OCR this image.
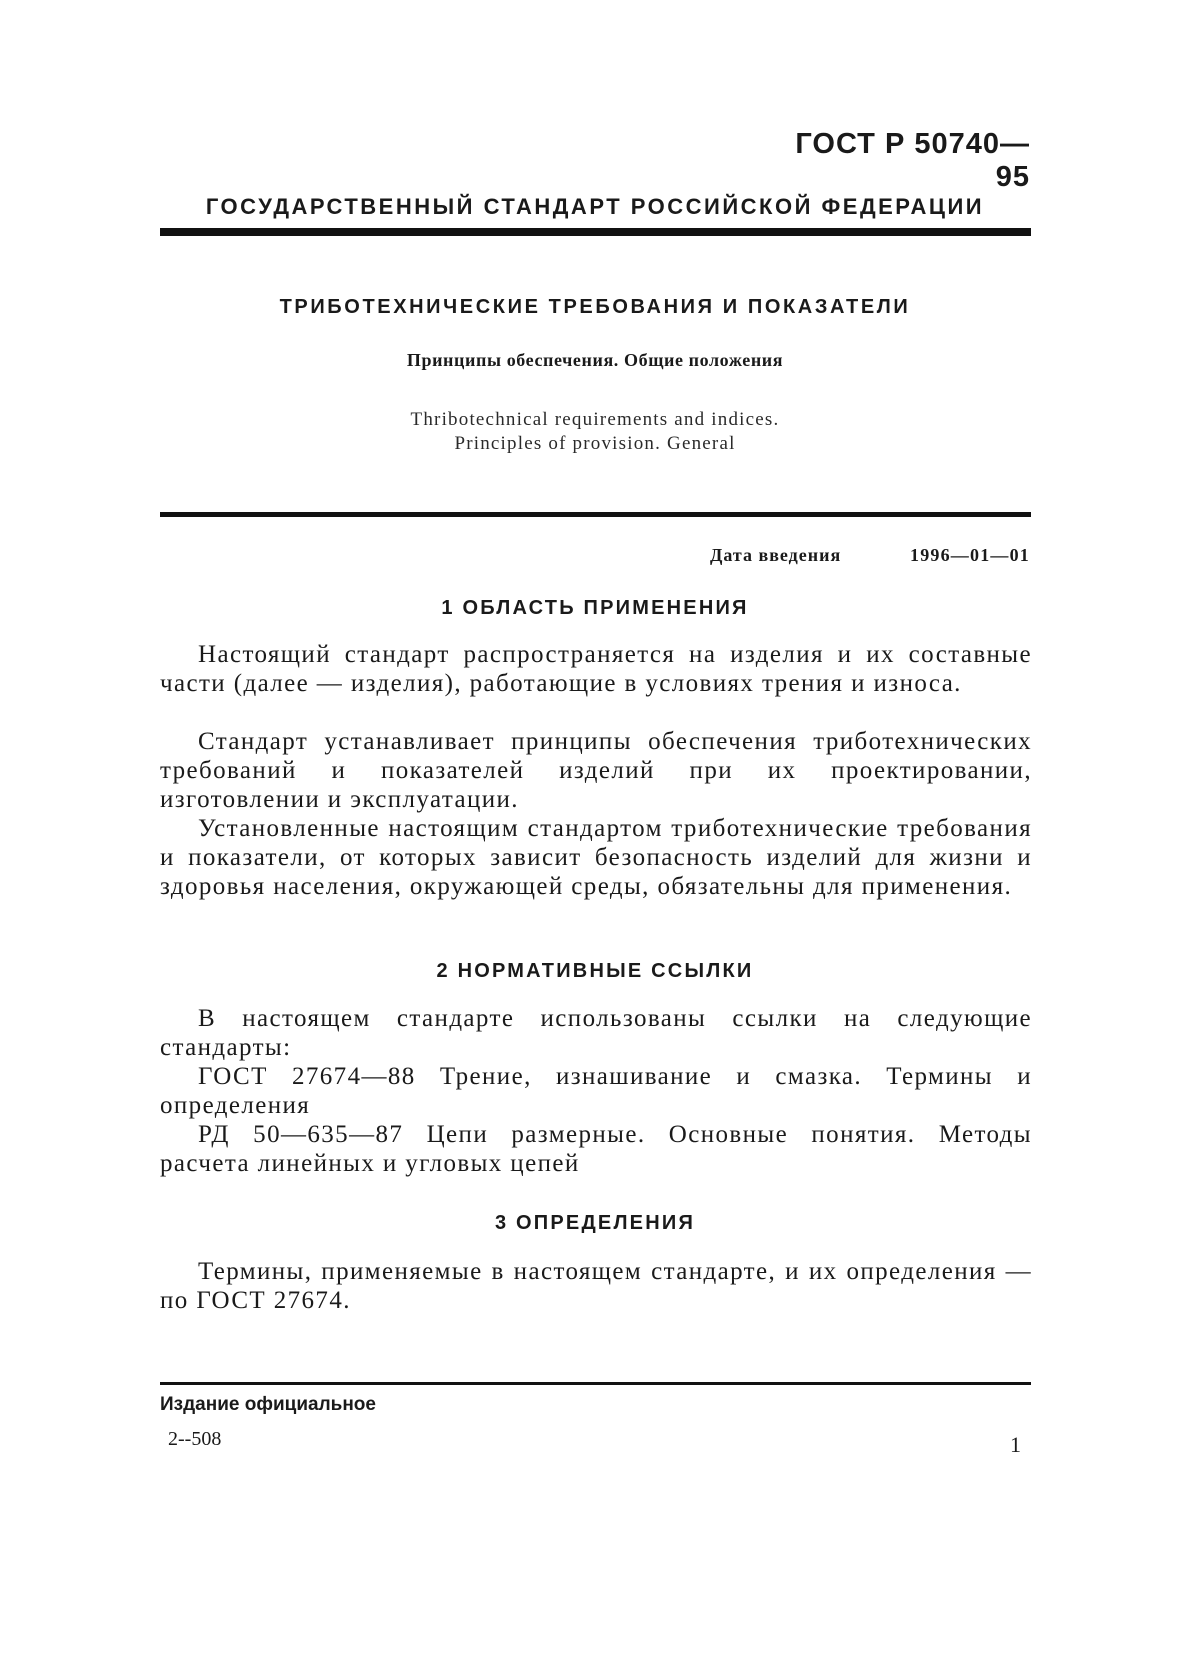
ГОСТ Р 50740—95
ГОСУДАРСТВЕННЫЙ СТАНДАРТ РОССИЙСКОЙ ФЕДЕРАЦИИ
ТРИБОТЕХНИЧЕСКИЕ ТРЕБОВАНИЯ И ПОКАЗАТЕЛИ
Принципы обеспечения. Общие положения
Thribotechnical requirements and indices.
Principles of provision. General
Дата введения	1996—01—01
1 ОБЛАСТЬ ПРИМЕНЕНИЯ

Настоящий стандарт распространяется на изделия и их составные части (далее — изделия), работающие в условиях трения и износа.

Стандарт устанавливает принципы обеспечения триботехнических требований и показателей изделий при их проектировании, изготовлении и эксплуатации.

Установленные настоящим стандартом триботехнические требования и показатели, от которых зависит безопасность изделий для жизни и здоровья населения, окружающей среды, обязательны для применения.

2 НОРМАТИВНЫЕ ССЫЛКИ

В настоящем стандарте использованы ссылки на следующие стандарты:

ГОСТ 27674—88 Трение, изнашивание и смазка. Термины и определения

РД 50—635—87 Цепи размерные. Основные понятия. Методы расчета линейных и угловых цепей

3 ОПРЕДЕЛЕНИЯ

Термины, применяемые в настоящем стандарте, и их определения — по ГОСТ 27674.

Издание официальное
2--508	1
